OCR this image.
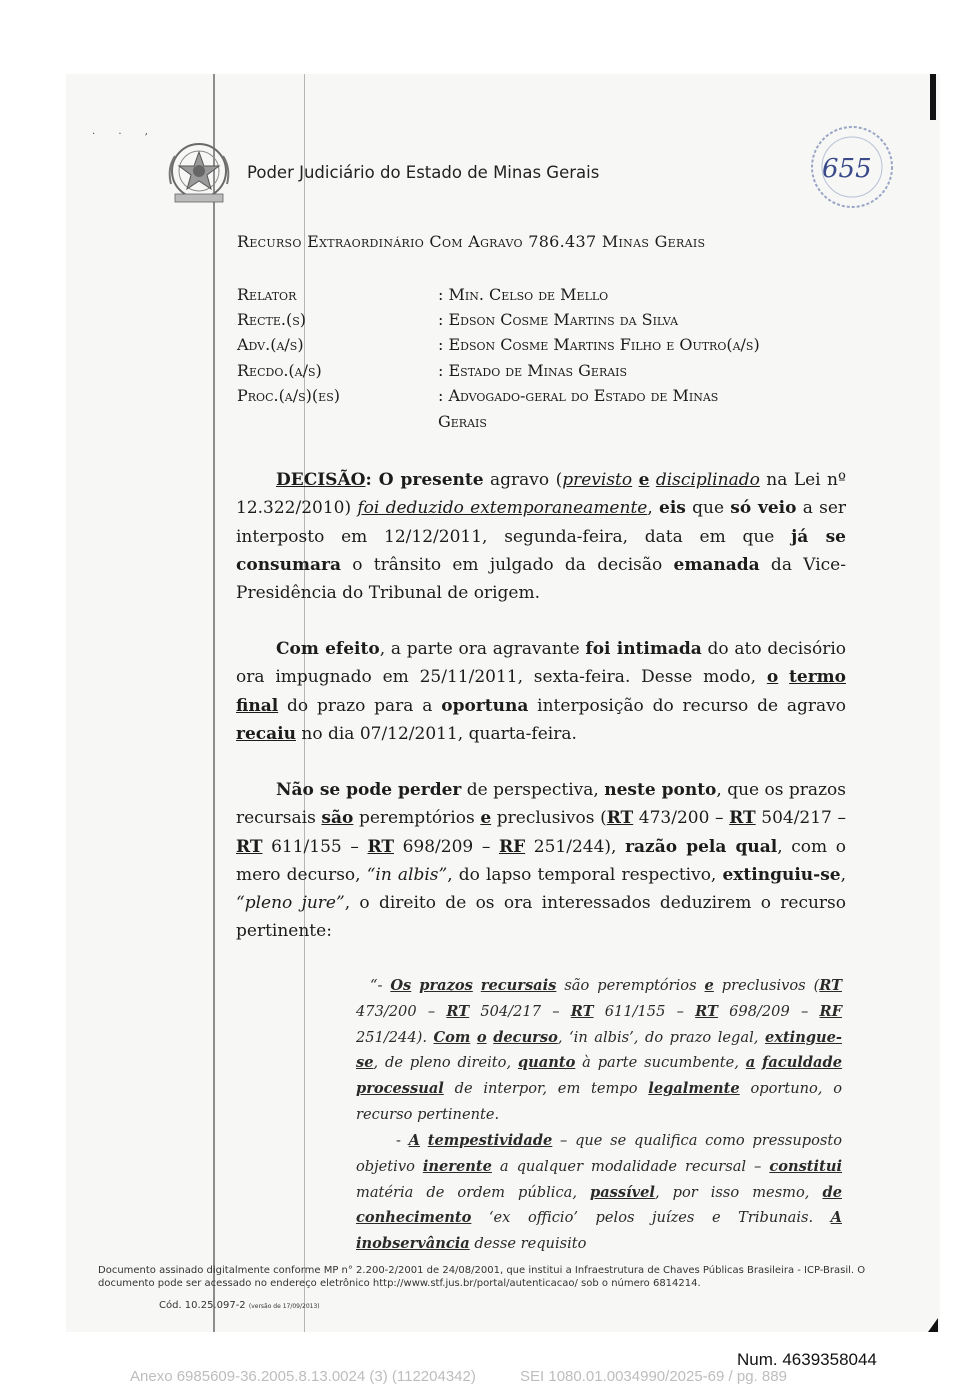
. . ,
Poder Judiciário do Estado de Minas Gerais	655
Recurso Extraordinário Com Agravo 786.437 Minas Gerais
Relator	: Min. Celso de Mello
Recte.(s)	: Edson Cosme Martins da Silva
Adv.(a/s)	: Edson Cosme Martins Filho e Outro(a/s)
Recdo.(a/s)	: Estado de Minas Gerais
Proc.(a/s)(es)	: Advogado-geral do Estado de Minas
Gerais

DECISÃO: O presente agravo (previsto e disciplinado na Lei nº 12.322/2010) foi deduzido extemporaneamente, eis que só veio a ser interposto em 12/12/2011, segunda-feira, data em que já se consumara o trânsito em julgado da decisão emanada da Vice-Presidência do Tribunal de origem.

Com efeito, a parte ora agravante foi intimada do ato decisório ora impugnado em 25/11/2011, sexta-feira. Desse modo, o termo final do prazo para a oportuna interposição do recurso de agravo recaiu no dia 07/12/2011, quarta-feira.

Não se pode perder de perspectiva, neste ponto, que os prazos recursais são peremptórios e preclusivos (RT 473/200 – RT 504/217 – RT 611/155 – RT 698/209 – RF 251/244), razão pela qual, com o mero decurso, “in albis”, do lapso temporal respectivo, extinguiu-se, “pleno jure”, o direito de os ora interessados deduzirem o recurso pertinente:

“- Os prazos recursais são peremptórios e preclusivos (RT 473/200 – RT 504/217 – RT 611/155 – RT 698/209 – RF 251/244). Com o decurso, ‘in albis’, do prazo legal, extingue-se, de pleno direito, quanto à parte sucumbente, a faculdade processual de interpor, em tempo legalmente oportuno, o recurso pertinente.

- A tempestividade – que se qualifica como pressuposto objetivo inerente a qualquer modalidade recursal – constitui matéria de ordem pública, passível, por isso mesmo, de conhecimento ‘ex officio’ pelos juízes e Tribunais. A inobservância desse requisito

Documento assinado digitalmente conforme MP n° 2.200-2/2001 de 24/08/2001, que institui a Infraestrutura de Chaves Públicas Brasileira - ICP-Brasil. O documento pode ser acessado no endereço eletrônico http://www.stf.jus.br/portal/autenticacao/ sob o número 6814214.
Cód. 10.25.097-2 (versão de 17/09/2013)
Num. 4639358044
Anexo 6985609-36.2005.8.13.0024 (3) (112204342)	SEI 1080.01.0034990/2025-69 / pg. 889
